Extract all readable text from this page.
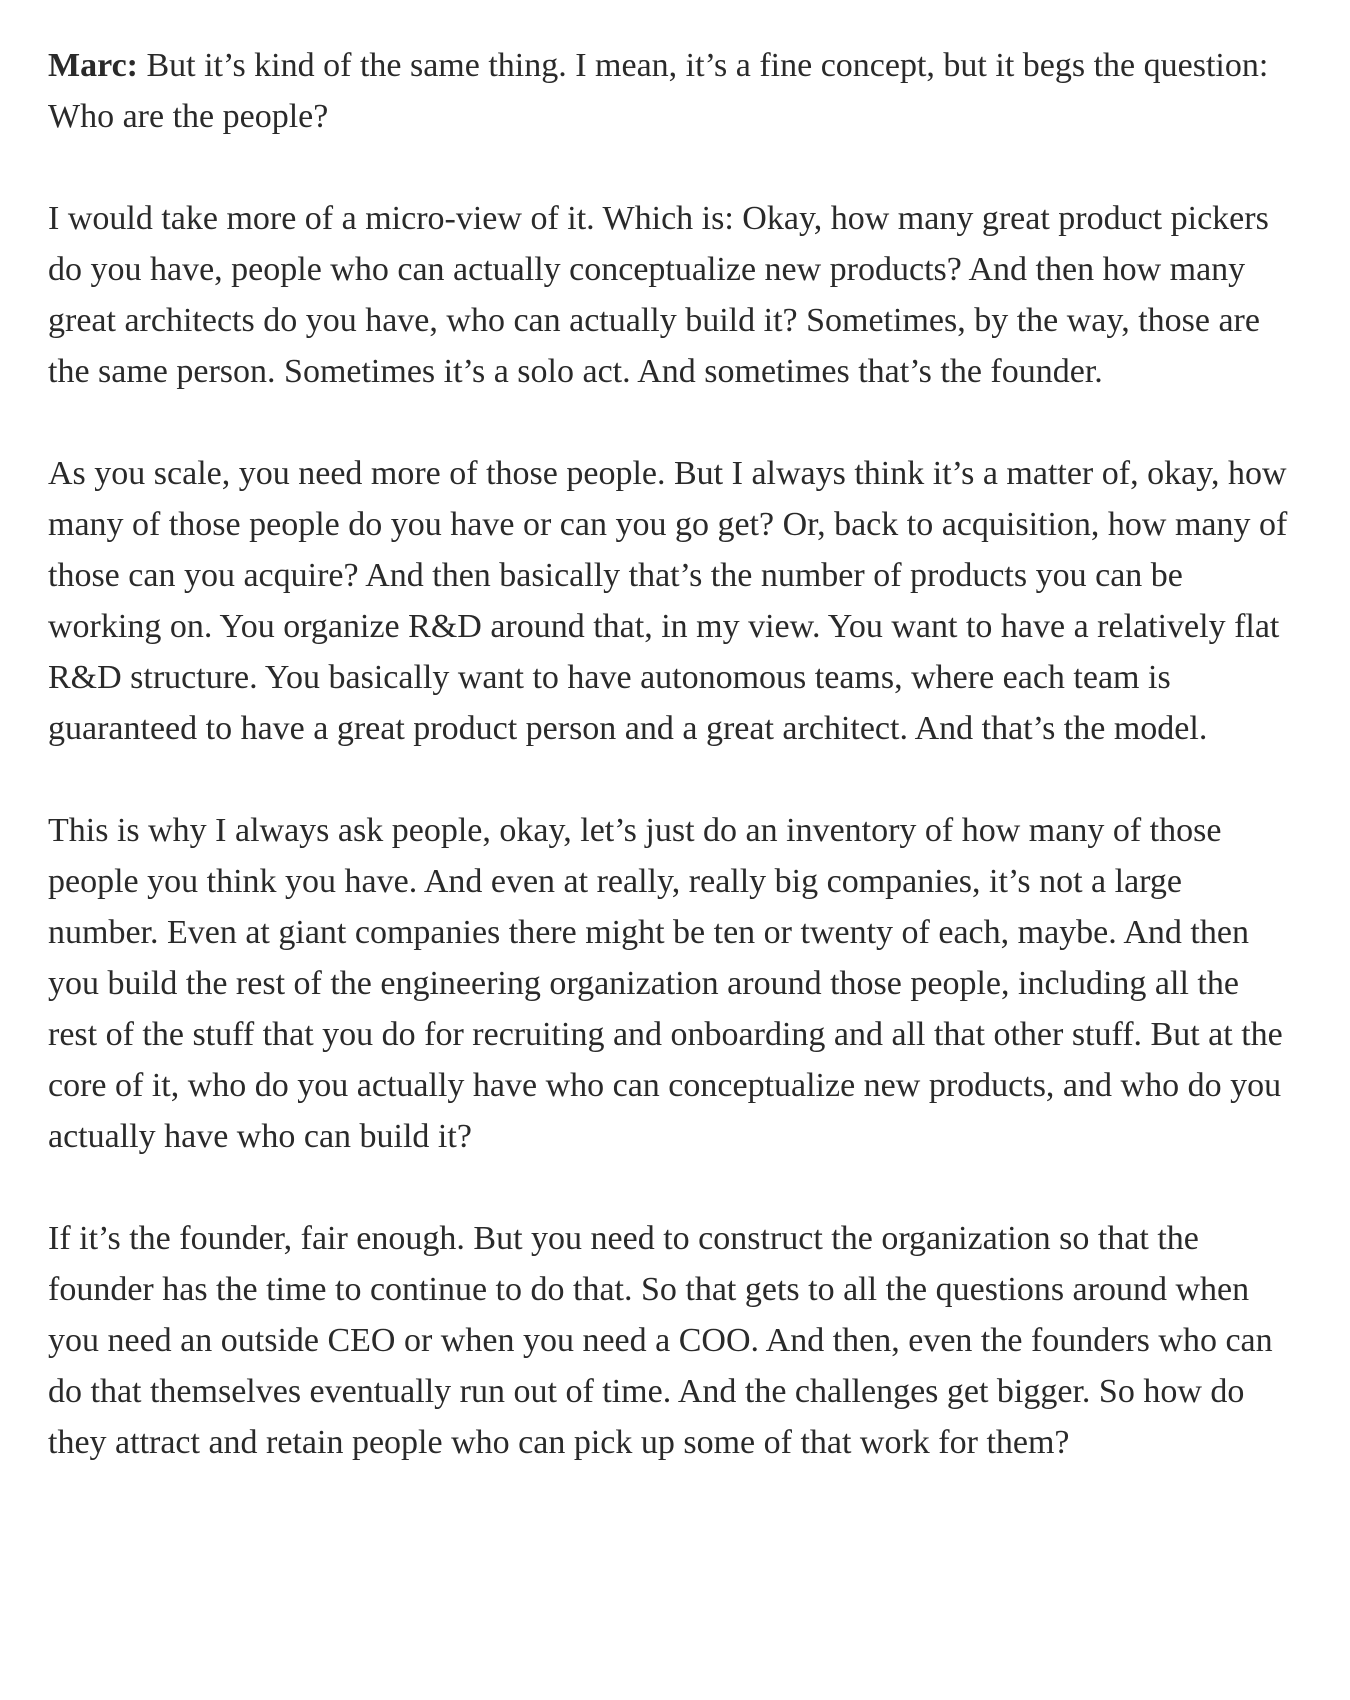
Marc: But it’s kind of the same thing. I mean, it’s a fine concept, but it begs the question: Who are the people?

I would take more of a micro-view of it. Which is: Okay, how many great product pickers do you have, people who can actually conceptualize new products? And then how many great architects do you have, who can actually build it? Sometimes, by the way, those are the same person. Sometimes it’s a solo act. And sometimes that’s the founder.

As you scale, you need more of those people. But I always think it’s a matter of, okay, how many of those people do you have or can you go get? Or, back to acquisition, how many of those can you acquire? And then basically that’s the number of products you can be working on. You organize R&D around that, in my view. You want to have a relatively flat R&D structure. You basically want to have autonomous teams, where each team is guaranteed to have a great product person and a great architect. And that’s the model.

This is why I always ask people, okay, let’s just do an inventory of how many of those people you think you have. And even at really, really big companies, it’s not a large number. Even at giant companies there might be ten or twenty of each, maybe. And then you build the rest of the engineering organization around those people, including all the rest of the stuff that you do for recruiting and onboarding and all that other stuff. But at the core of it, who do you actually have who can conceptualize new products, and who do you actually have who can build it?

If it’s the founder, fair enough. But you need to construct the organization so that the founder has the time to continue to do that. So that gets to all the questions around when you need an outside CEO or when you need a COO. And then, even the founders who can do that themselves eventually run out of time. And the challenges get bigger. So how do they attract and retain people who can pick up some of that work for them?
